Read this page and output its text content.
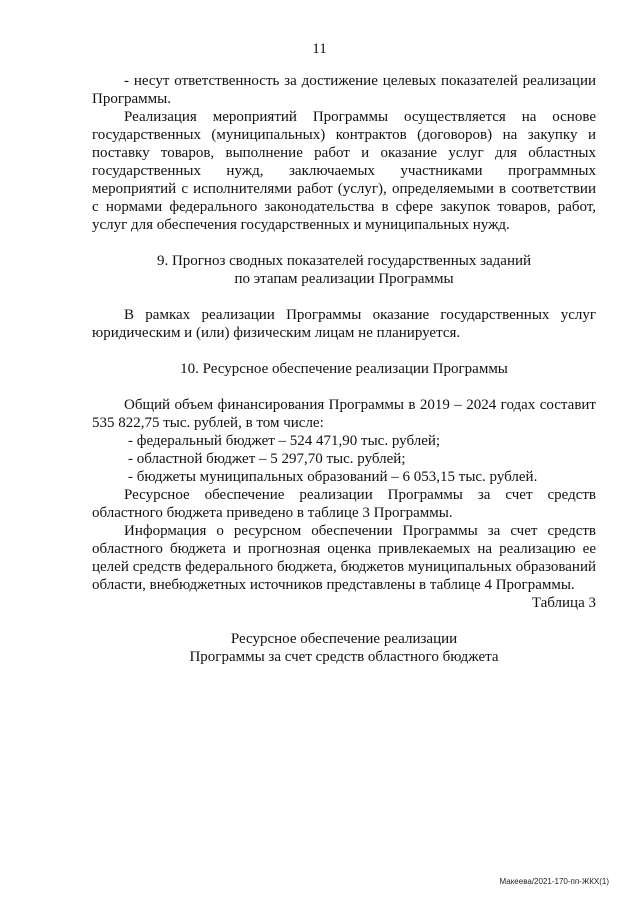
11

- несут ответственность за достижение целевых показателей реализации Программы.

Реализация мероприятий Программы осуществляется на основе государственных (муниципальных) контрактов (договоров) на закупку и поставку товаров, выполнение работ и оказание услуг для областных государственных нужд, заключаемых участниками программных мероприятий с исполнителями работ (услуг), определяемыми в соответствии с нормами федерального законодательства в сфере закупок товаров, работ, услуг для обеспечения государственных и муниципальных нужд.

9. Прогноз сводных показателей государственных заданий

по этапам реализации Программы

В рамках реализации Программы оказание государственных услуг юридическим и (или) физическим лицам не планируется.

10. Ресурсное обеспечение реализации Программы

Общий объем финансирования Программы в 2019 – 2024 годах составит 535 822,75 тыс. рублей, в том числе:

- федеральный бюджет – 524 471,90 тыс. рублей;

- областной бюджет – 5 297,70 тыс. рублей;

- бюджеты муниципальных образований – 6 053,15 тыс. рублей.

Ресурсное обеспечение реализации Программы за счет средств областного бюджета приведено в таблице 3 Программы.

Информация о ресурсном обеспечении Программы за счет средств областного бюджета и прогнозная оценка привлекаемых на реализацию ее целей средств федерального бюджета, бюджетов муниципальных образований области, внебюджетных источников представлены в таблице 4 Программы.

Таблица 3

Ресурсное обеспечение реализации

Программы за счет средств областного бюджета

Макеева/2021-170-пп-ЖКХ(1)
